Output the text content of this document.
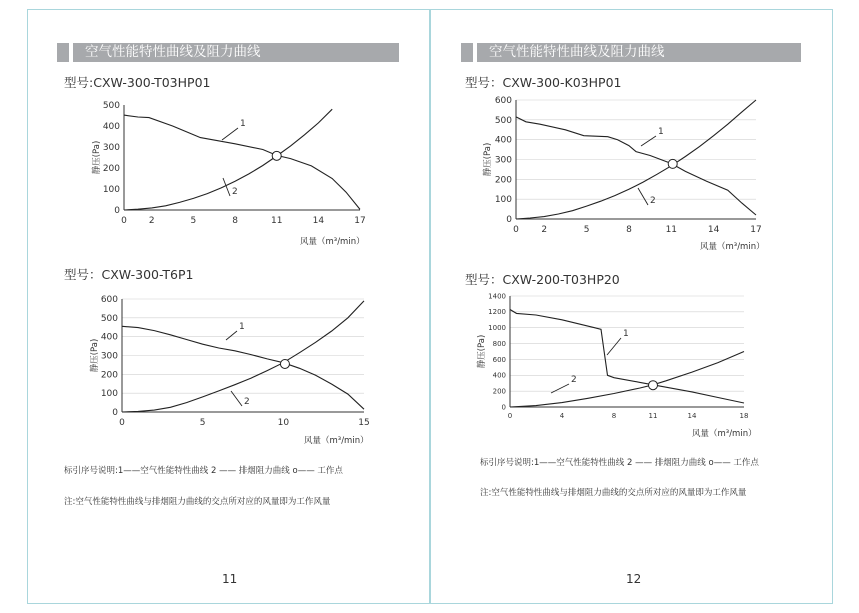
空气性能特性曲线及阻力曲线	空气性能特性曲线及阻力曲线
型号:CXW-300-T03HP01
型号：CXW-300-T6P1
型号：CXW-300-K03HP01
型号：CXW-200-T03HP20
0 2	5	8	11	14	17
0
100
200
300
400
500
风量（m³/min）
静压(Pa)
1
2
0	5	10	15
0
100
200
300
400
500
600
风量（m³/min）
静压(Pa)
1
2
0	2	5	8	11	14	17
0
100
200
300
400
500
600
风量（m³/min）
静压(Pa)
1
2
0	4	8	11	14	18
0
200
400
600
800
1000
1200
1400
风量（m³/min）
静压(Pa)
1
2
标引序号说明:1——空气性能特性曲线 2 —— 排烟阻力曲线 o—— 工作点
注:空气性能特性曲线与排烟阻力曲线的交点所对应的风量即为工作风量
标引序号说明:1——空气性能特性曲线 2 —— 排烟阻力曲线 o—— 工作点
注:空气性能特性曲线与排烟阻力曲线的交点所对应的风量即为工作风量
11	12
